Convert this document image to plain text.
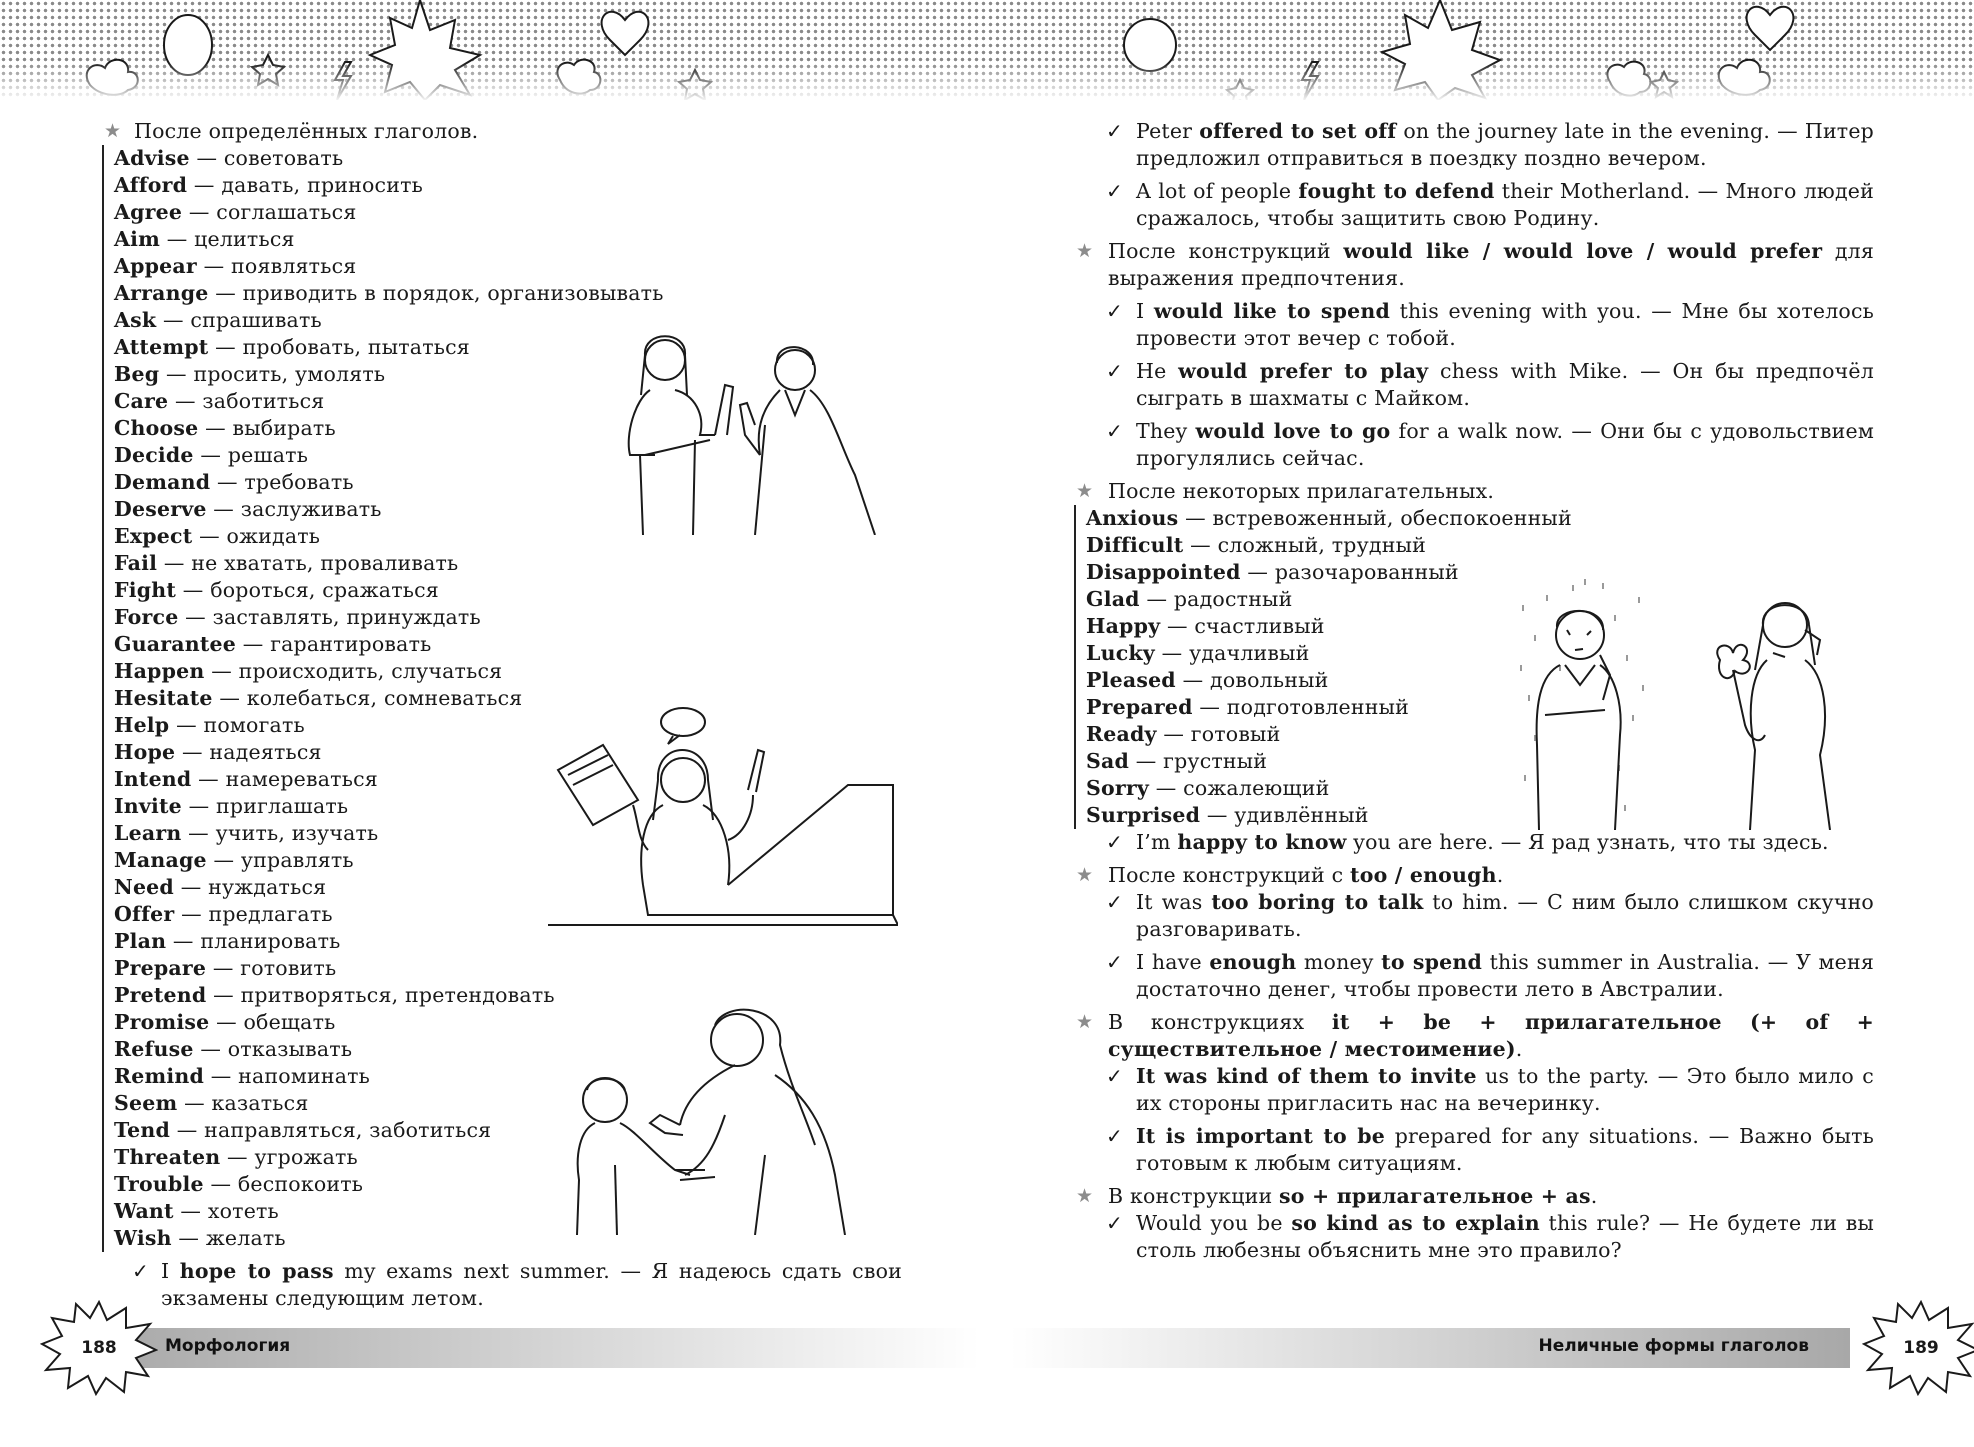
★ После определённых глаголов.
Advise — советовать
Afford — давать, приносить
Agree — соглашаться
Aim — целиться
Appear — появляться
Arrange — приводить в порядок, организовывать
Ask — спрашивать
Attempt — пробовать, пытаться
Beg — просить, умолять
Care — заботиться
Choose — выбирать
Decide — решать
Demand — требовать
Deserve — заслуживать
Expect — ожидать
Fail — не хватать, проваливать
Fight — бороться, сражаться
Force — заставлять, принуждать
Guarantee — гарантировать
Happen — происходить, случаться
Hesitate — колебаться, сомневаться
Help — помогать
Hope — надеяться
Intend — намереваться
Invite — приглашать
Learn — учить, изучать
Manage — управлять
Need — нуждаться
Offer — предлагать
Plan — планировать
Prepare — готовить
Pretend — притворяться, претендовать
Promise — обещать
Refuse — отказывать
Remind — напоминать
Seem — казаться
Tend — направляться, заботиться
Threaten — угрожать
Trouble — беспокоить
Want — хотеть
Wish — желать
✓ I hope to pass my exams next summer. — Я надеюсь сдать свои экзамены следующим летом.
✓ Peter offered to set off on the journey late in the evening. — Питер предложил отправиться в поездку поздно вечером.
✓ A lot of people fought to defend their Motherland. — Много людей сражалось, чтобы защитить свою Родину.
★ После конструкций would like / would love / would prefer для выражения предпочтения.
✓ I would like to spend this evening with you. — Мне бы хотелось провести этот вечер с тобой.
✓ He would prefer to play chess with Mike. — Он бы предпочёл сыграть в шахматы с Майком.
✓ They would love to go for a walk now. — Они бы с удовольствием прогулялись сейчас.
★ После некоторых прилагательных.
Anxious — встревоженный, обеспокоенный
Difficult — сложный, трудный
Disappointed — разочарованный
Glad — радостный
Happy — счастливый
Lucky — удачливый
Pleased — довольный
Prepared — подготовленный
Ready — готовый
Sad — грустный
Sorry — сожалеющий
Surprised — удивлённый
✓ I’m happy to know you are here. — Я рад узнать, что ты здесь.
★ После конструкций с too / enough.
✓ It was too boring to talk to him. — С ним было слишком скучно разговаривать.
✓ I have enough money to spend this summer in Australia. — У меня достаточно денег, чтобы провести лето в Австралии.
★ В конструкциях it + be + прилагательное (+ of + существительное / местоимение).
✓ It was kind of them to invite us to the party. — Это было мило с их стороны пригласить нас на вечеринку.
✓ It is important to be prepared for any situations. — Важно быть готовым к любым ситуациям.
★ В конструкции so + прилагательное + as.
✓ Would you be so kind as to explain this rule? — Не будете ли вы столь любезны объяснить мне это правило?
Морфология	Неличные формы глаголов
188	189
